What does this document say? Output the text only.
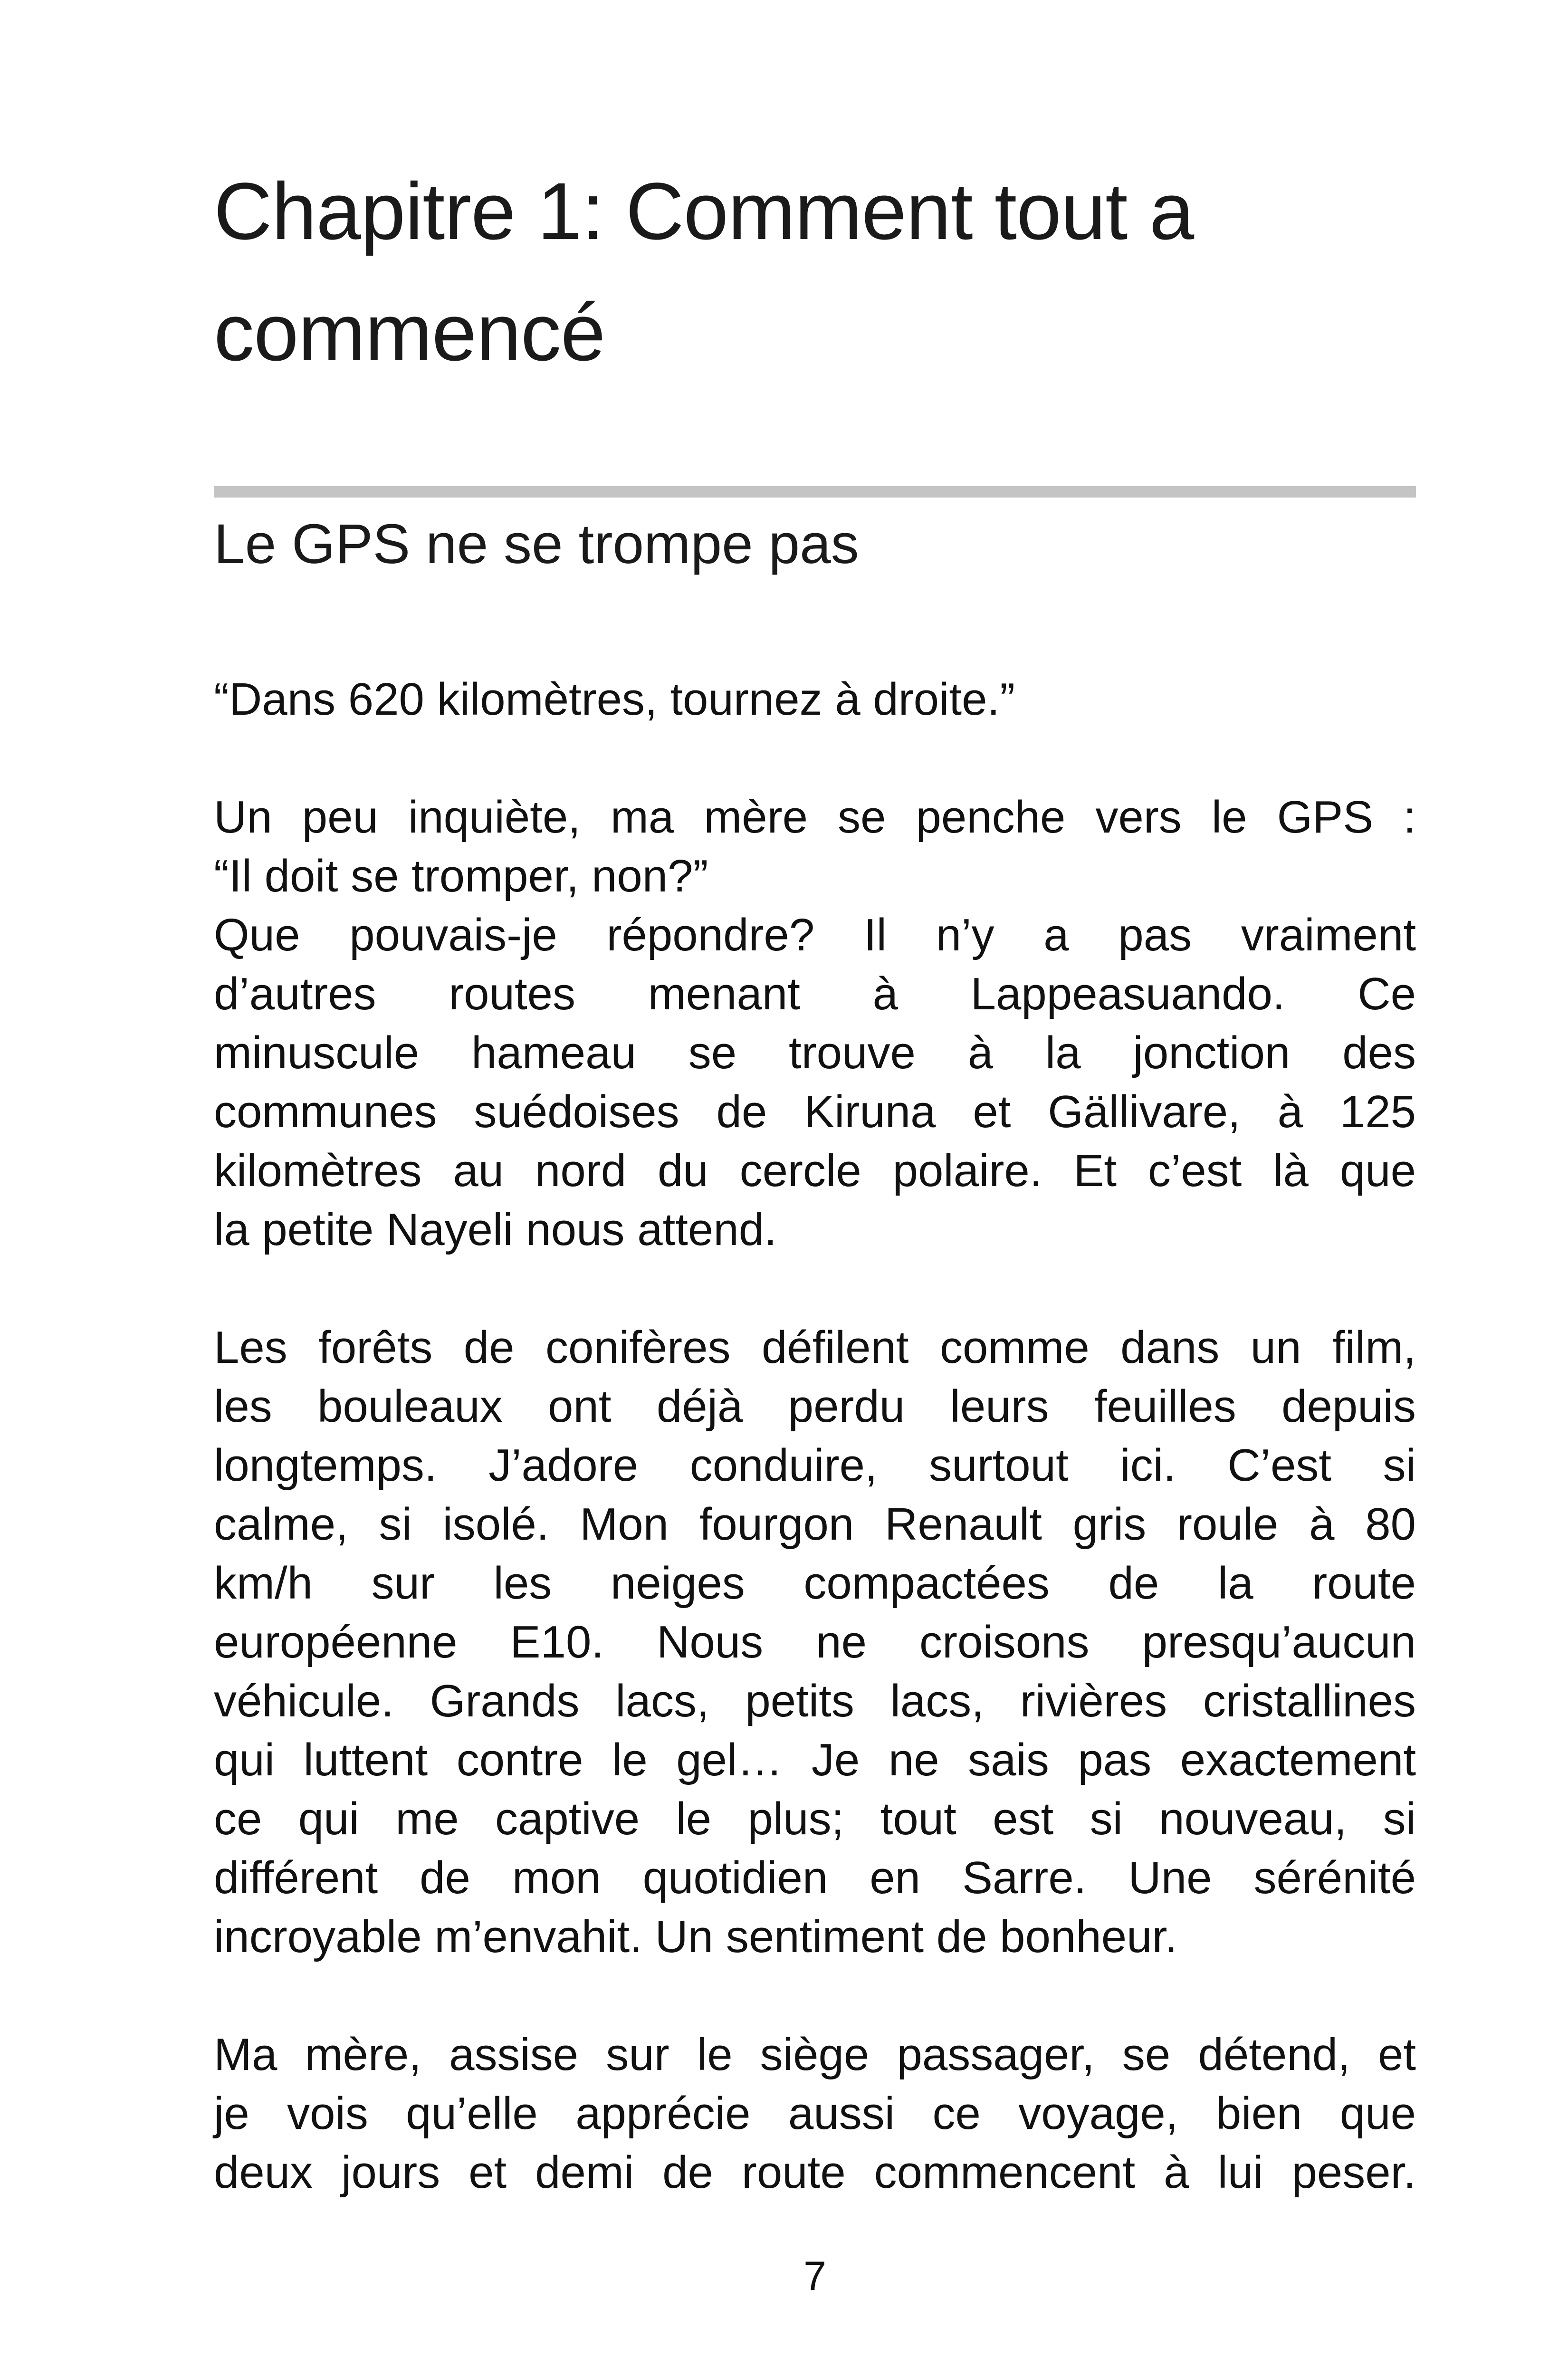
Chapitre 1: Comment tout a commencé
Le GPS ne se trompe pas

“Dans 620 kilomètres, tournez à droite.”

Un peu inquiète, ma mère se penche vers le GPS :
“Il doit se tromper, non?”

Que pouvais-je répondre? Il n’y a pas vraiment
d’autres routes menant à Lappeasuando. Ce
minuscule hameau se trouve à la jonction des
communes suédoises de Kiruna et Gällivare, à 125
kilomètres au nord du cercle polaire. Et c’est là que
la petite Nayeli nous attend.

Les forêts de conifères défilent comme dans un film,
les bouleaux ont déjà perdu leurs feuilles depuis
longtemps. J’adore conduire, surtout ici. C’est si
calme, si isolé. Mon fourgon Renault gris roule à 80
km/h sur les neiges compactées de la route
européenne E10. Nous ne croisons presqu’aucun
véhicule. Grands lacs, petits lacs, rivières cristallines
qui luttent contre le gel… Je ne sais pas exactement
ce qui me captive le plus; tout est si nouveau, si
différent de mon quotidien en Sarre. Une sérénité
incroyable m’envahit. Un sentiment de bonheur.

Ma mère, assise sur le siège passager, se détend, et
je vois qu’elle apprécie aussi ce voyage, bien que
deux jours et demi de route commencent à lui peser.

7
